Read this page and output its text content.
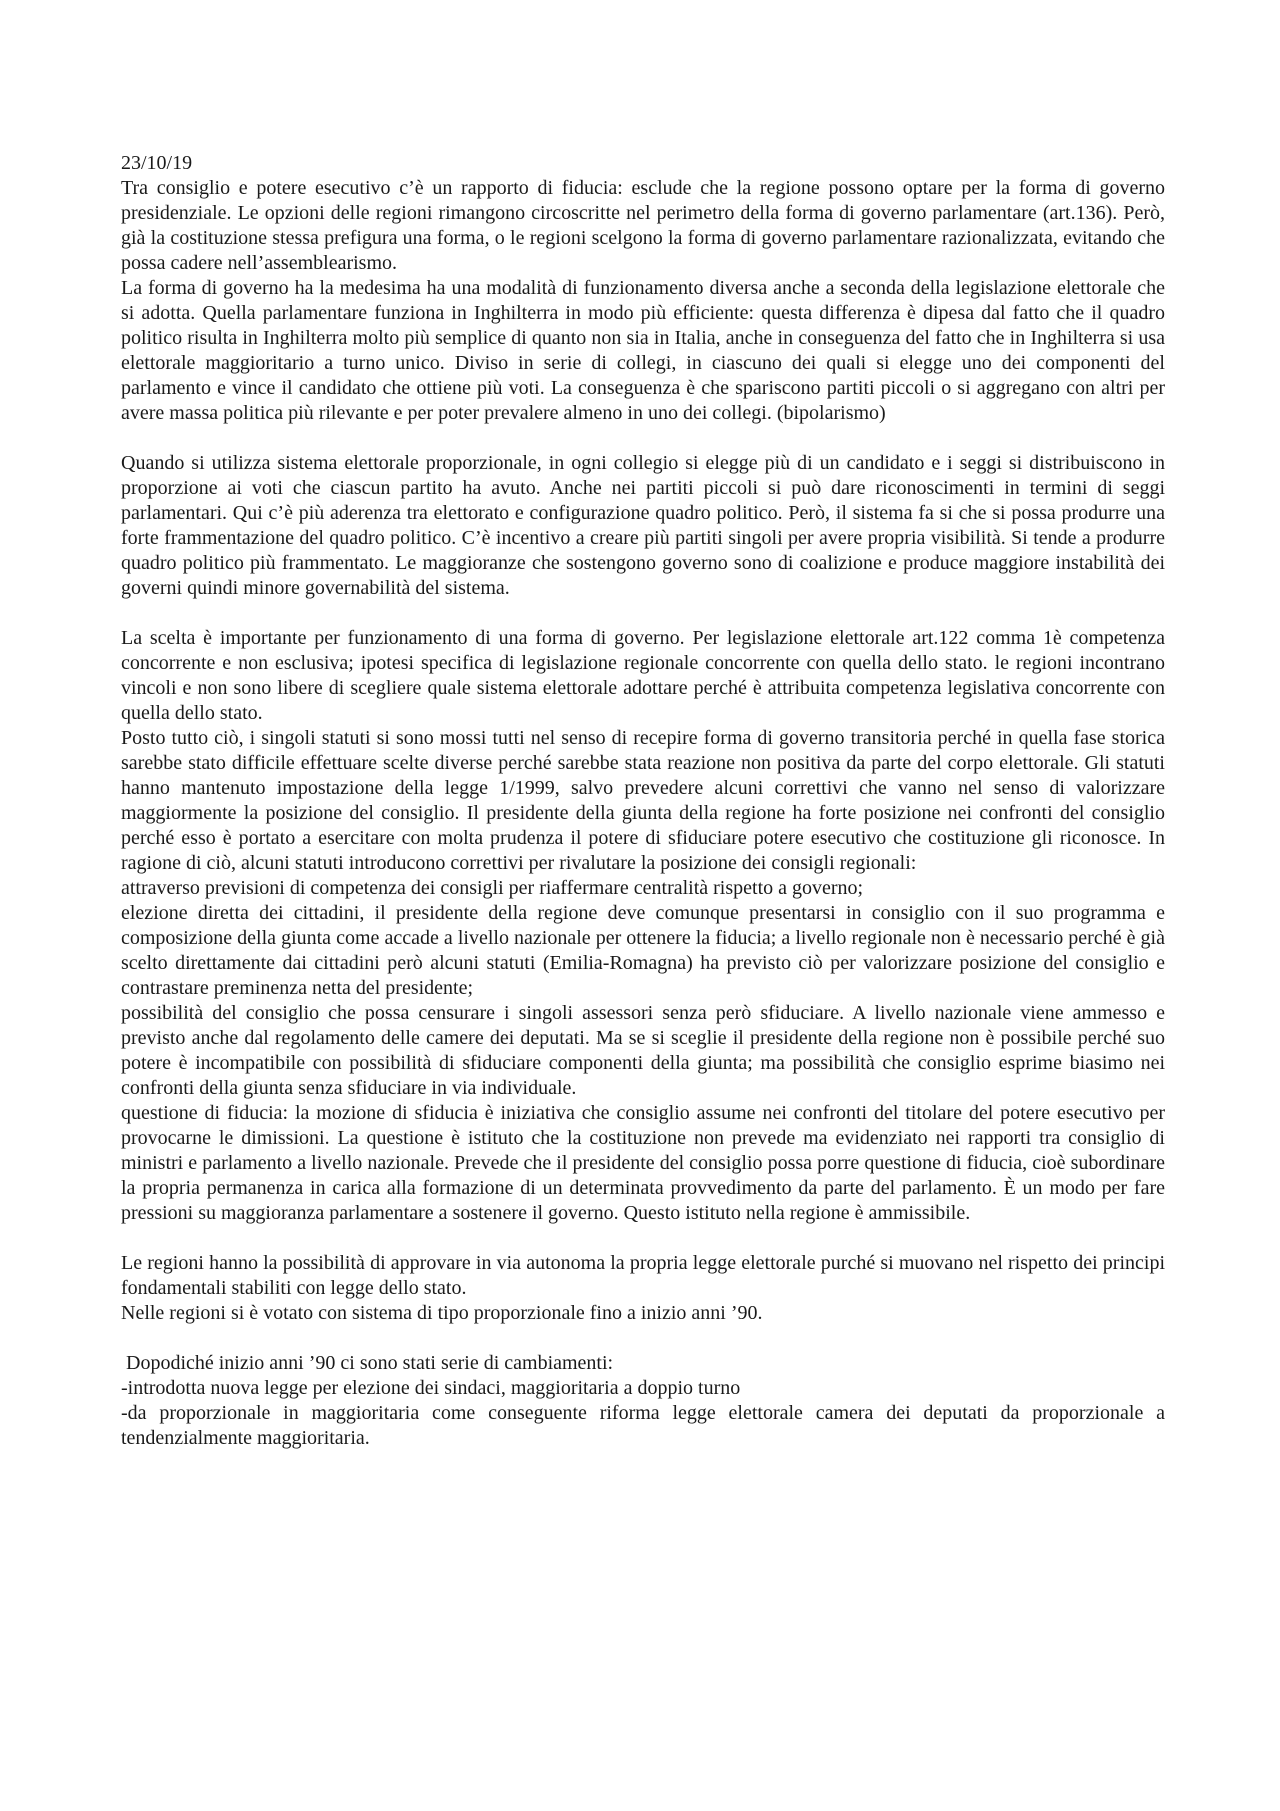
23/10/19

Tra consiglio e potere esecutivo c’è un rapporto di fiducia: esclude che la regione possono optare per la forma di governo presidenziale. Le opzioni delle regioni rimangono circoscritte nel perimetro della forma di governo parlamentare (art.136). Però, già la costituzione stessa prefigura una forma, o le regioni scelgono la forma di governo parlamentare razionalizzata, evitando che possa cadere nell’assemblearismo.

La forma di governo ha la medesima ha una modalità di funzionamento diversa anche a seconda della legislazione elettorale che si adotta. Quella parlamentare funziona in Inghilterra in modo più efficiente: questa differenza è dipesa dal fatto che il quadro politico risulta in Inghilterra molto più semplice di quanto non sia in Italia, anche in conseguenza del fatto che in Inghilterra si usa elettorale maggioritario a turno unico. Diviso in serie di collegi, in ciascuno dei quali si elegge uno dei componenti del parlamento e vince il candidato che ottiene più voti. La conseguenza è che spariscono partiti piccoli o si aggregano con altri per avere massa politica più rilevante e per poter prevalere almeno in uno dei collegi. (bipolarismo)

Quando si utilizza sistema elettorale proporzionale, in ogni collegio si elegge più di un candidato e i seggi si distribuiscono in proporzione ai voti che ciascun partito ha avuto. Anche nei partiti piccoli si può dare riconoscimenti in termini di seggi parlamentari. Qui c’è più aderenza tra elettorato e configurazione quadro politico. Però, il sistema fa si che si possa produrre una forte frammentazione del quadro politico. C’è incentivo a creare più partiti singoli per avere propria visibilità. Si tende a produrre quadro politico più frammentato. Le maggioranze che sostengono governo sono di coalizione e produce maggiore instabilità dei governi quindi minore governabilità del sistema.

La scelta è importante per funzionamento di una forma di governo. Per legislazione elettorale art.122 comma 1è competenza concorrente e non esclusiva; ipotesi specifica di legislazione regionale concorrente con quella dello stato. le regioni incontrano vincoli e non sono libere di scegliere quale sistema elettorale adottare perché è attribuita competenza legislativa concorrente con quella dello stato.

Posto tutto ciò, i singoli statuti si sono mossi tutti nel senso di recepire forma di governo transitoria perché in quella fase storica sarebbe stato difficile effettuare scelte diverse perché sarebbe stata reazione non positiva da parte del corpo elettorale. Gli statuti hanno mantenuto impostazione della legge 1/1999, salvo prevedere alcuni correttivi che vanno nel senso di valorizzare maggiormente la posizione del consiglio. Il presidente della giunta della regione ha forte posizione nei confronti del consiglio perché esso è portato a esercitare con molta prudenza il potere di sfiduciare potere esecutivo che costituzione gli riconosce. In ragione di ciò, alcuni statuti introducono correttivi per rivalutare la posizione dei consigli regionali:

attraverso previsioni di competenza dei consigli per riaffermare centralità rispetto a governo;

elezione diretta dei cittadini, il presidente della regione deve comunque presentarsi in consiglio con il suo programma e composizione della giunta come accade a livello nazionale per ottenere la fiducia; a livello regionale non è necessario perché è già scelto direttamente dai cittadini però alcuni statuti (Emilia-Romagna) ha previsto ciò per valorizzare posizione del consiglio e contrastare preminenza netta del presidente;

possibilità del consiglio che possa censurare i singoli assessori senza però sfiduciare. A livello nazionale viene ammesso e previsto anche dal regolamento delle camere dei deputati. Ma se si sceglie il presidente della regione non è possibile perché suo potere è incompatibile con possibilità di sfiduciare componenti della giunta; ma possibilità che consiglio esprime biasimo nei confronti della giunta senza sfiduciare in via individuale.

questione di fiducia: la mozione di sfiducia è iniziativa che consiglio assume nei confronti del titolare del potere esecutivo per provocarne le dimissioni. La questione è istituto che la costituzione non prevede ma evidenziato nei rapporti tra consiglio di ministri e parlamento a livello nazionale. Prevede che il presidente del consiglio possa porre questione di fiducia, cioè subordinare la propria permanenza in carica alla formazione di un determinata provvedimento da parte del parlamento. È un modo per fare pressioni su maggioranza parlamentare a sostenere il governo. Questo istituto nella regione è ammissibile.

Le regioni hanno la possibilità di approvare in via autonoma la propria legge elettorale purché si muovano nel rispetto dei principi fondamentali stabiliti con legge dello stato.

Nelle regioni si è votato con sistema di tipo proporzionale fino a inizio anni ’90.

Dopodiché inizio anni ’90 ci sono stati serie di cambiamenti:

-introdotta nuova legge per elezione dei sindaci, maggioritaria a doppio turno

-da proporzionale in maggioritaria come conseguente riforma legge elettorale camera dei deputati da proporzionale a tendenzialmente maggioritaria.
